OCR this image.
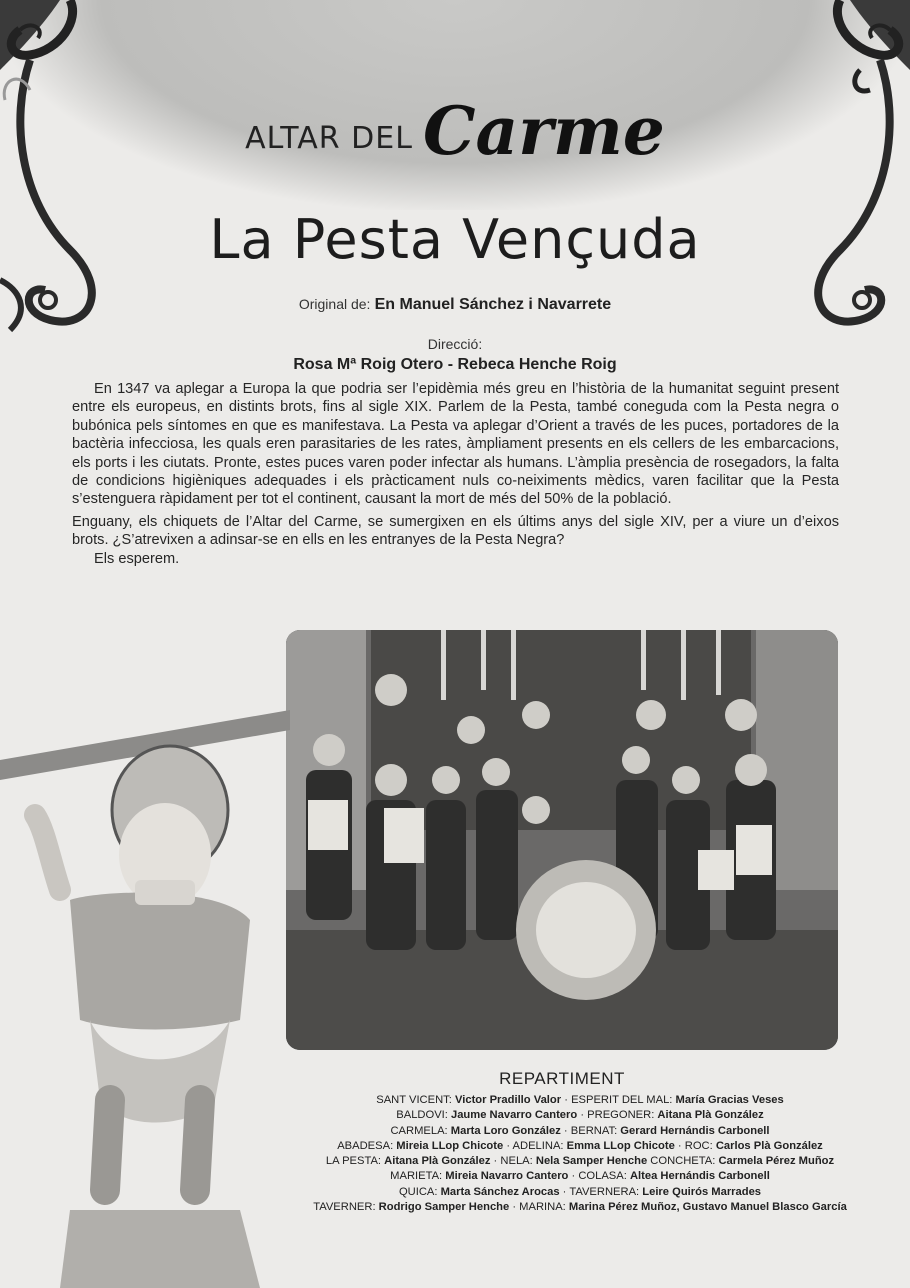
ALTAR DEL Carme
La Pesta Vençuda
Original de: En Manuel Sánchez i Navarrete
Direcció:
Rosa Mª Roig Otero - Rebeca Henche Roig

En 1347 va aplegar a Europa la que podria ser l’epidèmia més greu en l’història de la humanitat seguint present entre els europeus, en distints brots, fins al sigle XIX. Parlem de la Pesta, també coneguda com la Pesta negra o bubónica pels síntomes en que es manifestava. La Pesta va aplegar d’Orient a través de les puces, portadores de la bactèria infecciosa, les quals eren parasitaries de les rates, àmpliament presents en els cellers de les embarcacions, els ports i les ciutats. Pronte, estes puces varen poder infectar als humans. L’àmplia presència de rosegadors, la falta de condicions higièniques adequades i els pràcticament nuls co-neiximents mèdics, varen facilitar que la Pesta s’estenguera ràpidament per tot el continent, causant la mort de més del 50% de la població.

Enguany, els chiquets de l’Altar del Carme, se sumergixen en els últims anys del sigle XIV, per a viure un d’eixos brots. ¿S’atrevixen a adinsar-se en ells en les entranyes de la Pesta Negra?

Els esperem.

REPARTIMENT
SANT VICENT: Victor Pradillo Valor · ESPERIT DEL MAL: María Gracias Veses
BALDOVI: Jaume Navarro Cantero · PREGONER: Aitana Plà González
CARMELA: Marta Loro González · BERNAT: Gerard Hernándis Carbonell
ABADESA: Mireia LLop Chicote · ADELINA: Emma LLop Chicote · ROC: Carlos Plà González
LA PESTA: Aitana Plà González · NELA: Nela Samper Henche CONCHETA: Carmela Pérez Muñoz
MARIETA: Mireia Navarro Cantero · COLASA: Altea Hernándis Carbonell
QUICA: Marta Sánchez Arocas · TAVERNERA: Leire Quirós Marrades
TAVERNER: Rodrigo Samper Henche · MARINA: Marina Pérez Muñoz, Gustavo Manuel Blasco García
